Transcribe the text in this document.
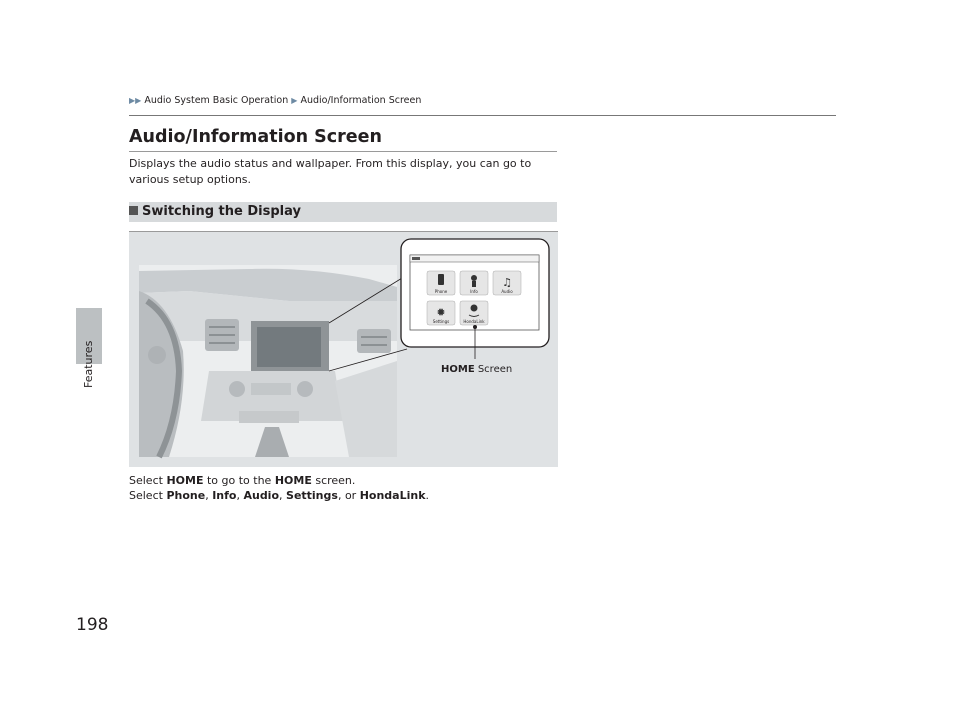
Features
198
▶▶ Audio System Basic Operation ▶ Audio/Information Screen
Audio/Information Screen
Displays the audio status and wallpaper. From this display, you can go to various setup options.
Switching the Display
♫
✹
Phone	Info	Audio
Settings	HondaLink
HOME Screen
Select HOME to go to the HOME screen.
Select Phone, Info, Audio, Settings, or HondaLink.
